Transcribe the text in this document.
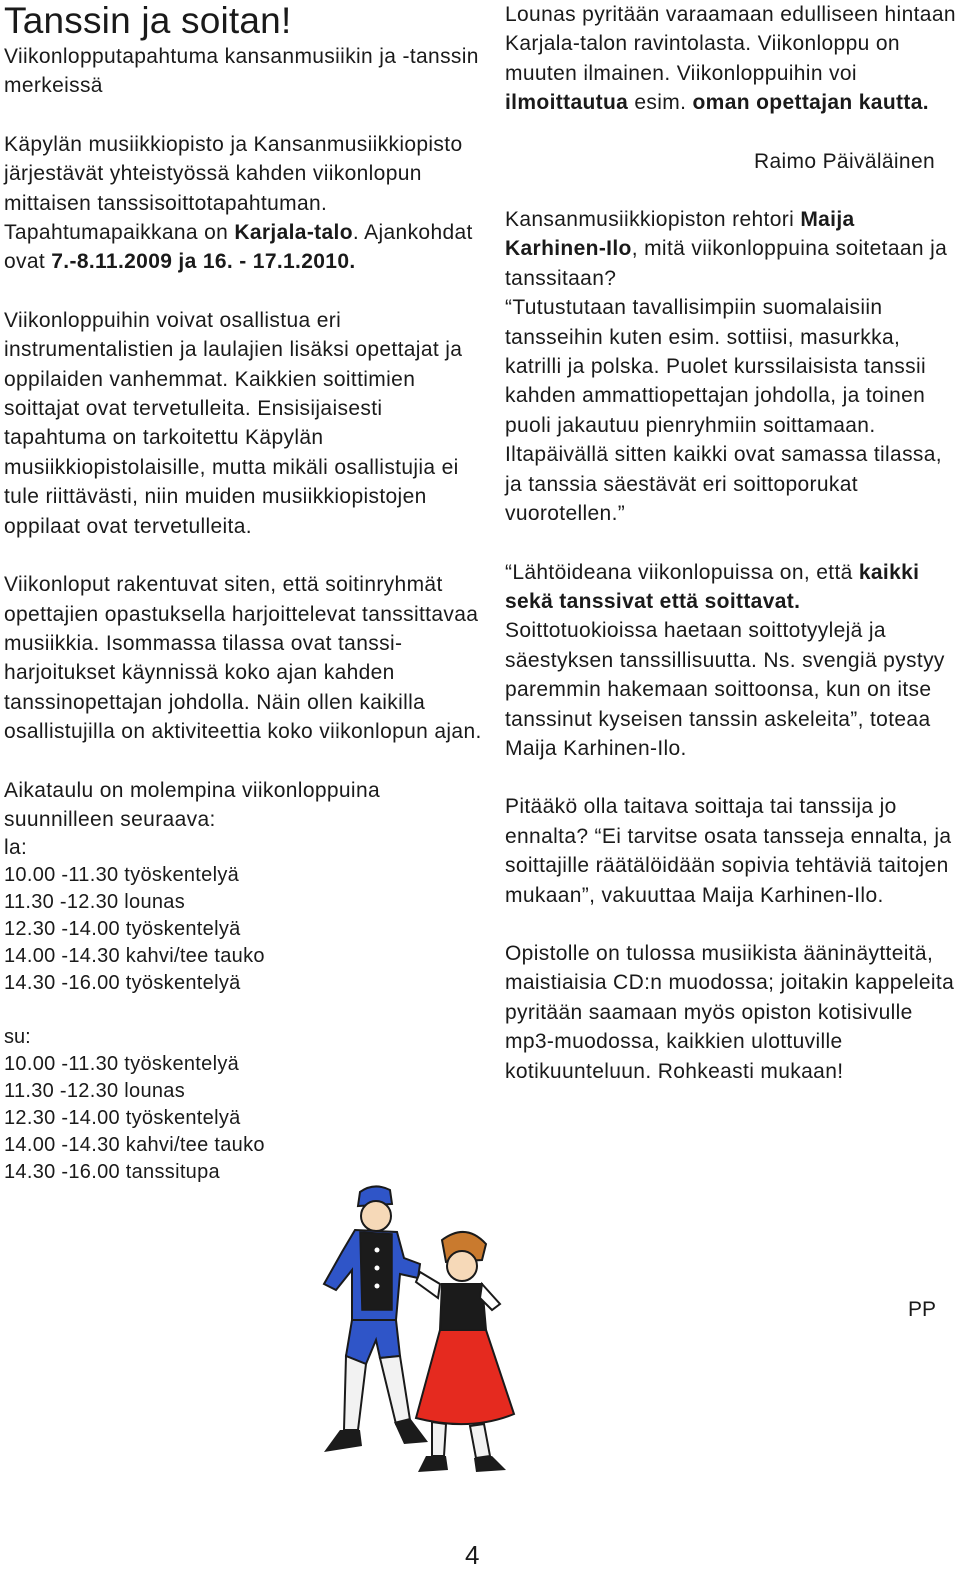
Tanssin ja soitan!

Viikonlopputapahtuma kansanmusiikin ja -tanssin merkeissä

Käpylän musiikkiopisto ja Kansanmusiikkiopisto järjestävät yhteistyössä kahden viikonlopun mittaisen tanssisoittotapahtuman. Tapahtumapaikkana on Karjala-talo. Ajankohdat ovat 7.-8.11.2009 ja 16. - 17.1.2010.

Viikonloppuihin voivat osallistua eri instrumentalistien ja laulajien lisäksi opettajat ja oppilaiden vanhemmat. Kaikkien soittimien soittajat ovat tervetulleita. Ensisijaisesti tapahtuma on tarkoitettu Käpylän musiikkiopistolaisille, mutta mikäli osallistujia ei tule riittävästi, niin muiden musiikkiopistojen oppilaat ovat tervetulleita.

Viikonloput rakentuvat siten, että soitinryhmät opettajien opastuksella harjoittelevat tanssittavaa musiikkia. Isommassa tilassa ovat tanssi-harjoitukset käynnissä koko ajan kahden tanssinopettajan johdolla. Näin ollen kaikilla osallistujilla on aktiviteettia koko viikonlopun ajan.

Aikataulu on molempina viikonloppuina suunnilleen seuraava:

la:

10.00 -11.30 työskentelyä

11.30 -12.30 lounas

12.30 -14.00 työskentelyä

14.00 -14.30 kahvi/tee tauko

14.30 -16.00 työskentelyä

su:

10.00 -11.30 työskentelyä

11.30 -12.30 lounas

12.30 -14.00 työskentelyä

14.00 -14.30 kahvi/tee tauko

14.30 -16.00 tanssitupa

Lounas pyritään varaamaan edulliseen hintaan Karjala-talon ravintolasta. Viikonloppu on muuten ilmainen. Viikonloppuihin voi ilmoittautua esim. oman opettajan kautta.

Raimo Päiväläinen

Kansanmusiikkiopiston rehtori Maija Karhinen-Ilo, mitä viikonloppuina soitetaan ja tanssitaan?

“Tutustutaan tavallisimpiin suomalaisiin tansseihin kuten esim. sottiisi, masurkka, katrilli ja polska. Puolet kurssilaisista tanssii kahden ammattiopettajan johdolla, ja toinen puoli jakautuu pienryhmiin soittamaan. Iltapäivällä sitten kaikki ovat samassa tilassa, ja tanssia säestävät eri soittoporukat vuorotellen.”

“Lähtöideana viikonlopuissa on, että kaikki sekä tanssivat että soittavat. Soittotuokioissa haetaan soittotyylejä ja säestyksen tanssillisuutta. Ns. svengiä pystyy paremmin hakemaan soittoonsa, kun on itse tanssinut kyseisen tanssin askeleita”, toteaa Maija Karhinen-Ilo.

Pitääkö olla taitava soittaja tai tanssija jo ennalta? “Ei tarvitse osata tansseja ennalta, ja soittajille räätälöidään sopivia tehtäviä taitojen mukaan”, vakuuttaa Maija Karhinen-Ilo.

Opistolle on tulossa musiikista ääninäytteitä, maistiaisia CD:n muodossa; joitakin kappeleita pyritään saamaan myös opiston kotisivulle mp3-muodossa, kaikkien ulottuville kotikuunteluun. Rohkeasti mukaan!

PP
4
